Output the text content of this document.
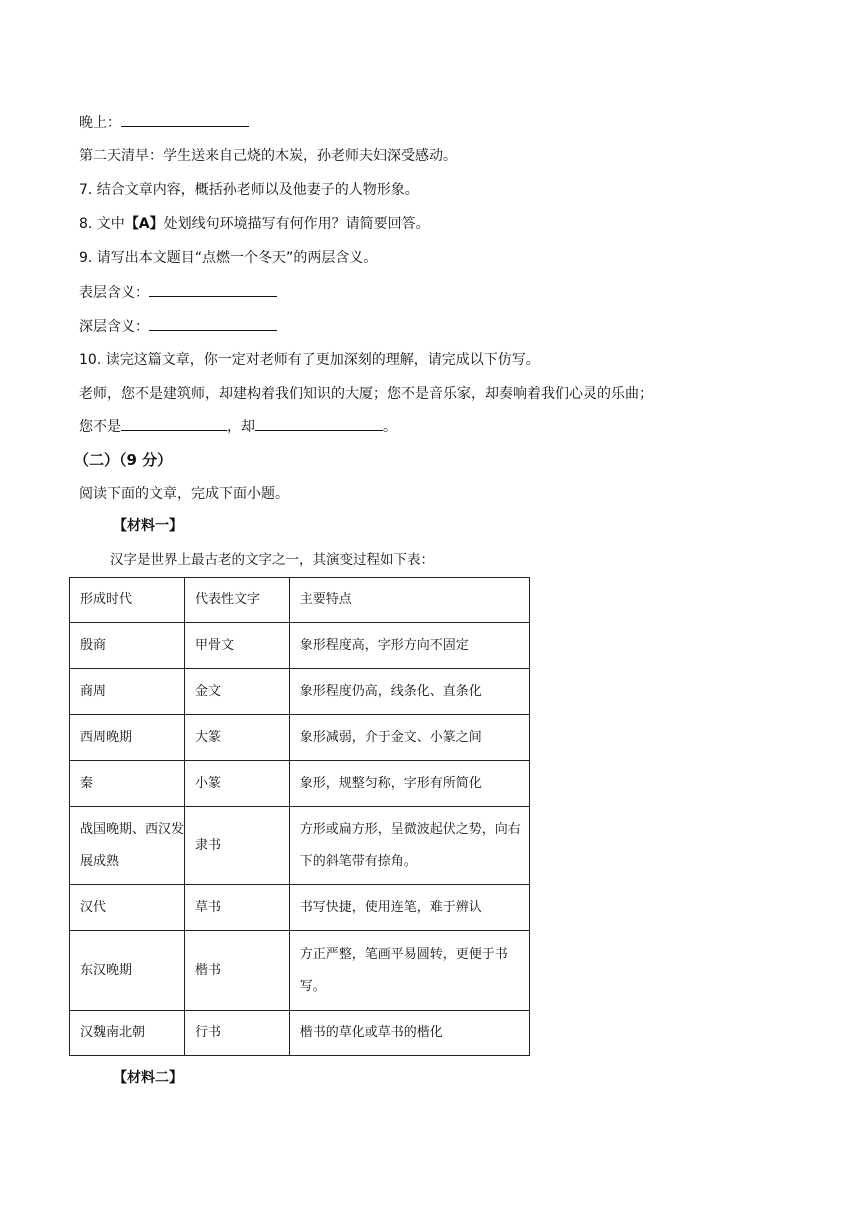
晚上：
第二天清早：学生送来自己烧的木炭，孙老师夫妇深受感动。
7. 结合文章内容，概括孙老师以及他妻子的人物形象。
8. 文中【A】处划线句环境描写有何作用？请简要回答。
9. 请写出本文题目“点燃一个冬天”的两层含义。
表层含义：
深层含义：
10. 读完这篇文章，你一定对老师有了更加深刻的理解，请完成以下仿写。
老师，您不是建筑师，却建构着我们知识的大厦；您不是音乐家，却奏响着我们心灵的乐曲；
您不是	，却	。
（二）（9 分）
阅读下面的文章，完成下面小题。
【材料一】
汉字是世界上最古老的文字之一，其演变过程如下表：
形成时代	代表性文字	主要特点
殷商	甲骨文	象形程度高，字形方向不固定
商周	金文	象形程度仍高，线条化、直条化
西周晚期	大篆	象形减弱，介于金文、小篆之间
秦	小篆	象形，规整匀称，字形有所简化
战国晚期、西汉发展成熟	隶书	方形或扁方形，呈微波起伏之势，向右下的斜笔带有捺角。
汉代	草书	书写快捷，使用连笔，难于辨认
东汉晚期	楷书	方正严整，笔画平易圆转，更便于书写。
汉魏南北朝	行书	楷书的草化或草书的楷化
【材料二】
